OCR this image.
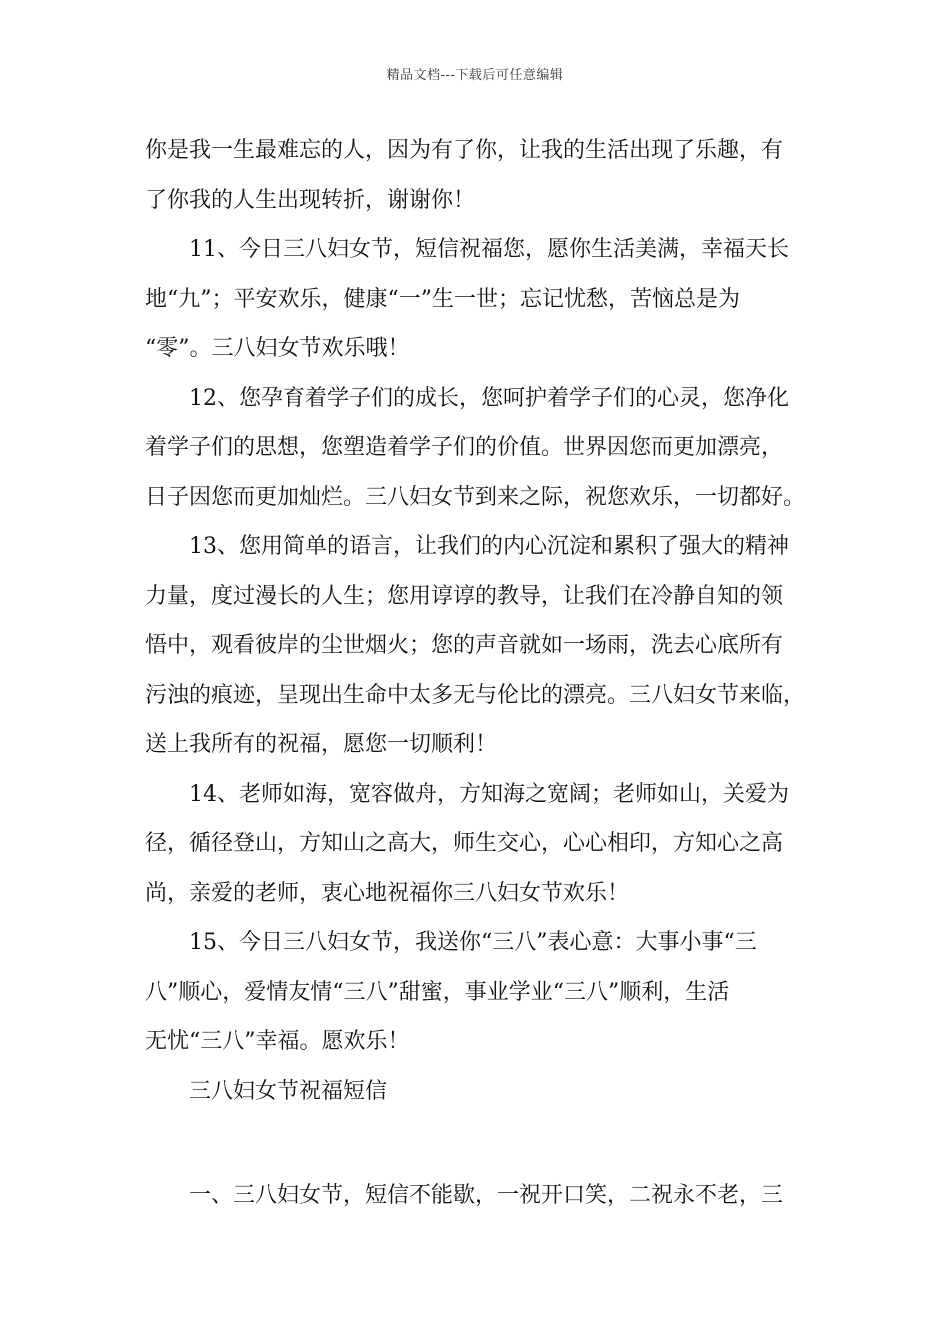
精品文档---下载后可任意编辑

你是我一生最难忘的人，因为有了你，让我的生活出现了乐趣，有
了你我的人生出现转折，谢谢你！

11、今日三八妇女节，短信祝福您，愿你生活美满，幸福天长
地“九”；平安欢乐，健康“一”生一世；忘记忧愁，苦恼总是为
“零”。三八妇女节欢乐哦！

12、您孕育着学子们的成长，您呵护着学子们的心灵，您净化
着学子们的思想，您塑造着学子们的价值。世界因您而更加漂亮，
日子因您而更加灿烂。三八妇女节到来之际，祝您欢乐，一切都好。

13、您用简单的语言，让我们的内心沉淀和累积了强大的精神
力量，度过漫长的人生；您用谆谆的教导，让我们在冷静自知的领
悟中，观看彼岸的尘世烟火；您的声音就如一场雨，洗去心底所有
污浊的痕迹，呈现出生命中太多无与伦比的漂亮。三八妇女节来临，
送上我所有的祝福，愿您一切顺利！

14、老师如海，宽容做舟，方知海之宽阔；老师如山，关爱为
径，循径登山，方知山之高大，师生交心，心心相印，方知心之高
尚，亲爱的老师，衷心地祝福你三八妇女节欢乐！

15、今日三八妇女节，我送你“三八”表心意：大事小事“三
八”顺心，爱情友情“三八”甜蜜，事业学业“三八”顺利，生活
无忧“三八”幸福。愿欢乐！

三八妇女节祝福短信

一、三八妇女节，短信不能歇，一祝开口笑，二祝永不老，三
